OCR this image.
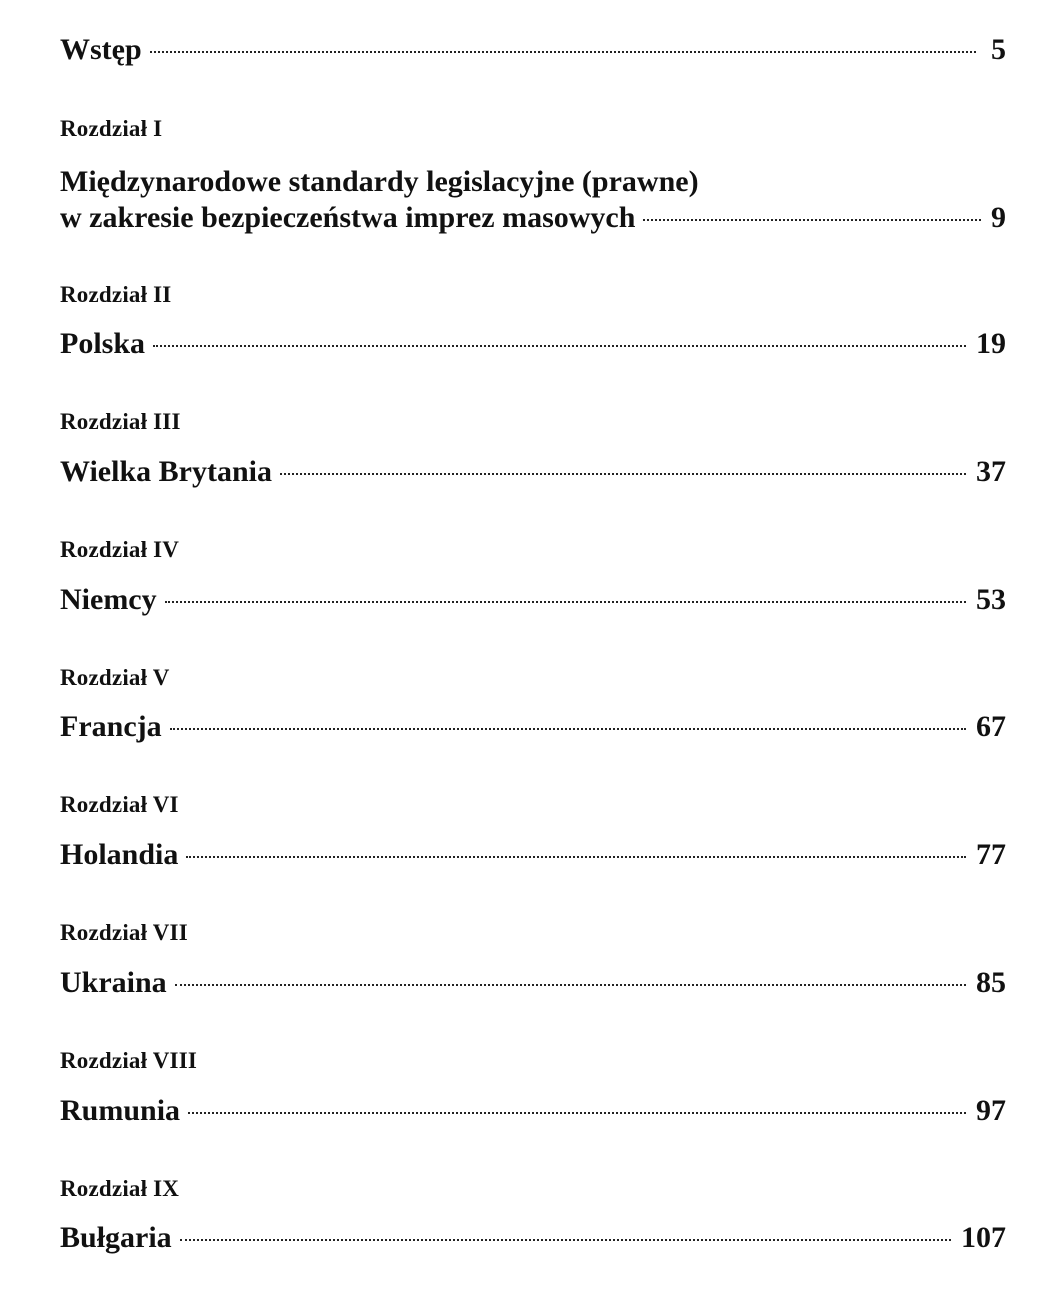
Wstęp	5
Rozdział I
Międzynarodowe standardy legislacyjne (prawne)
w zakresie bezpieczeństwa imprez masowych	9
Rozdział II
Polska	19
Rozdział III
Wielka Brytania	37
Rozdział IV
Niemcy	53
Rozdział V
Francja	67
Rozdział VI
Holandia	77
Rozdział VII
Ukraina	85
Rozdział VIII
Rumunia	97
Rozdział IX
Bułgaria	107
